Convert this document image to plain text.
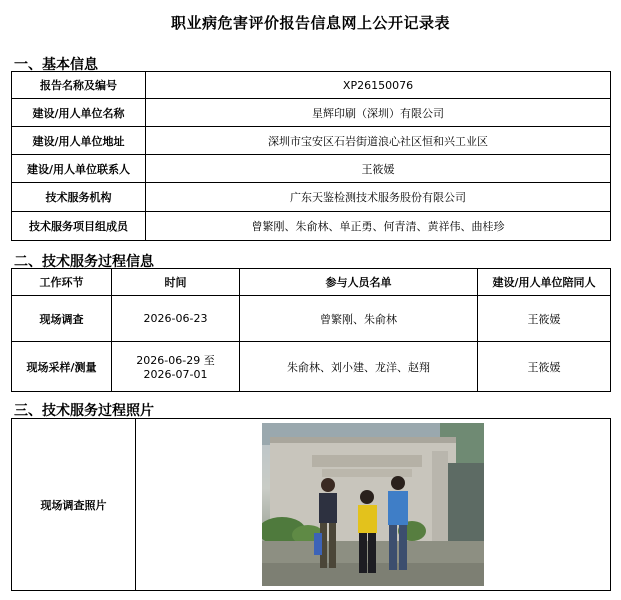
职业病危害评价报告信息网上公开记录表
一、基本信息
报告名称及编号	XP26150076
建设/用人单位名称	星辉印刷（深圳）有限公司
建设/用人单位地址	深圳市宝安区石岩街道浪心社区恒和兴工业区
建设/用人单位联系人	王筱媛
技术服务机构	广东天鉴检测技术服务股份有限公司
技术服务项目组成员	曾繁刚、朱俞林、单正勇、何青清、黄祥伟、曲桂珍
二、技术服务过程信息
工作环节	时间	参与人员名单	建设/用人单位陪同人
现场调查	2026-06-23	曾繁刚、朱俞林	王筱媛
现场采样/测量	2026-06-29 至
2026-07-01	朱俞林、刘小建、龙洋、赵翔	王筱媛
三、技术服务过程照片
现场调查照片	
